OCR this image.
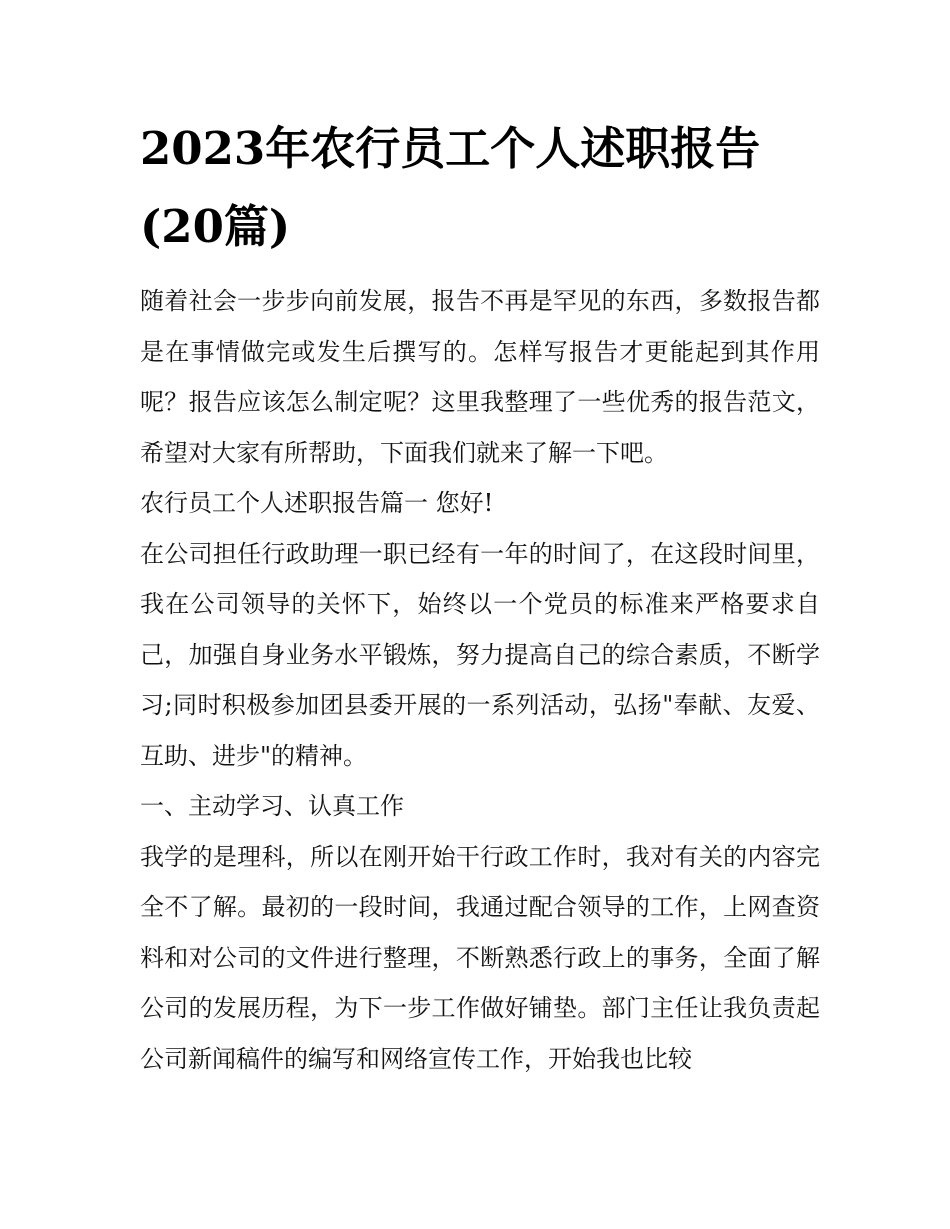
2023年农行员工个人述职报告(20篇)

随着社会一步步向前发展，报告不再是罕见的东西，多数报告都是在事情做完或发生后撰写的。怎样写报告才更能起到其作用呢？报告应该怎么制定呢？这里我整理了一些优秀的报告范文，希望对大家有所帮助，下面我们就来了解一下吧。

农行员工个人述职报告篇一 您好!

在公司担任行政助理一职已经有一年的时间了，在这段时间里，我在公司领导的关怀下，始终以一个党员的标准来严格要求自己，加强自身业务水平锻炼，努力提高自己的综合素质，不断学习;同时积极参加团县委开展的一系列活动，弘扬"奉献、友爱、互助、进步"的精神。

一、主动学习、认真工作

我学的是理科，所以在刚开始干行政工作时，我对有关的内容完全不了解。最初的一段时间，我通过配合领导的工作，上网查资料和对公司的文件进行整理，不断熟悉行政上的事务，全面了解公司的发展历程，为下一步工作做好铺垫。部门主任让我负责起公司新闻稿件的编写和网络宣传工作，开始我也比较
